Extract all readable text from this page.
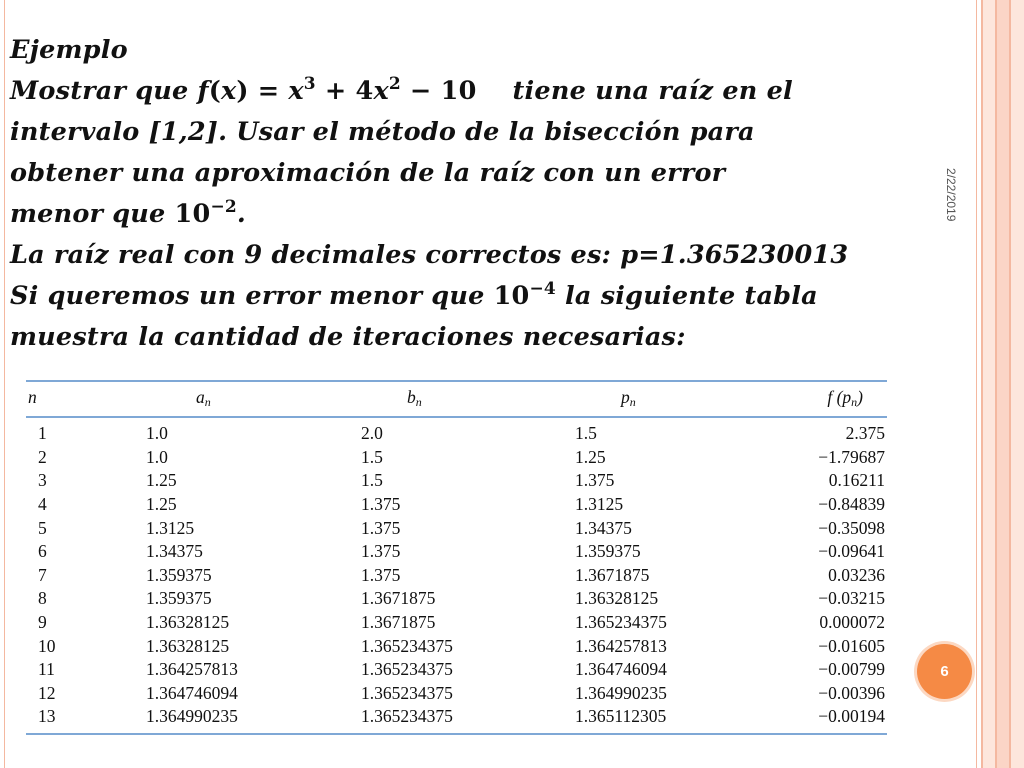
2/22/2019
Ejemplo
Mostrar que $f(x) = x^3 + 4x^2 - 10$ tiene una raíz en el
intervalo [1,2]. Usar el método de la bisección para
obtener una aproximación de la raíz con un error
menor que $10^{-2}$.
La raíz real con 9 decimales correctos es: p=1.365230013
Si queremos un error menor que $10^{-4}$ la siguiente tabla
muestra la cantidad de iteraciones necesarias:
n	$a_n$	$b_n$	$p_n$	f $(p_n)$
1	1.0	2.0	1.5	2.375
2	1.0	1.5	1.25	−1.79687
3	1.25	1.5	1.375	0.16211
4	1.25	1.375	1.3125	−0.84839
5	1.3125	1.375	1.34375	−0.35098
6	1.34375	1.375	1.359375	−0.09641
7	1.359375	1.375	1.3671875	0.03236
8	1.359375	1.3671875	1.36328125	−0.03215
9	1.36328125	1.3671875	1.365234375	0.000072
10	1.36328125	1.365234375	1.364257813	−0.01605
11	1.364257813	1.365234375	1.364746094	−0.00799
12	1.364746094	1.365234375	1.364990235	−0.00396
13	1.364990235	1.365234375	1.365112305	−0.00194
6
